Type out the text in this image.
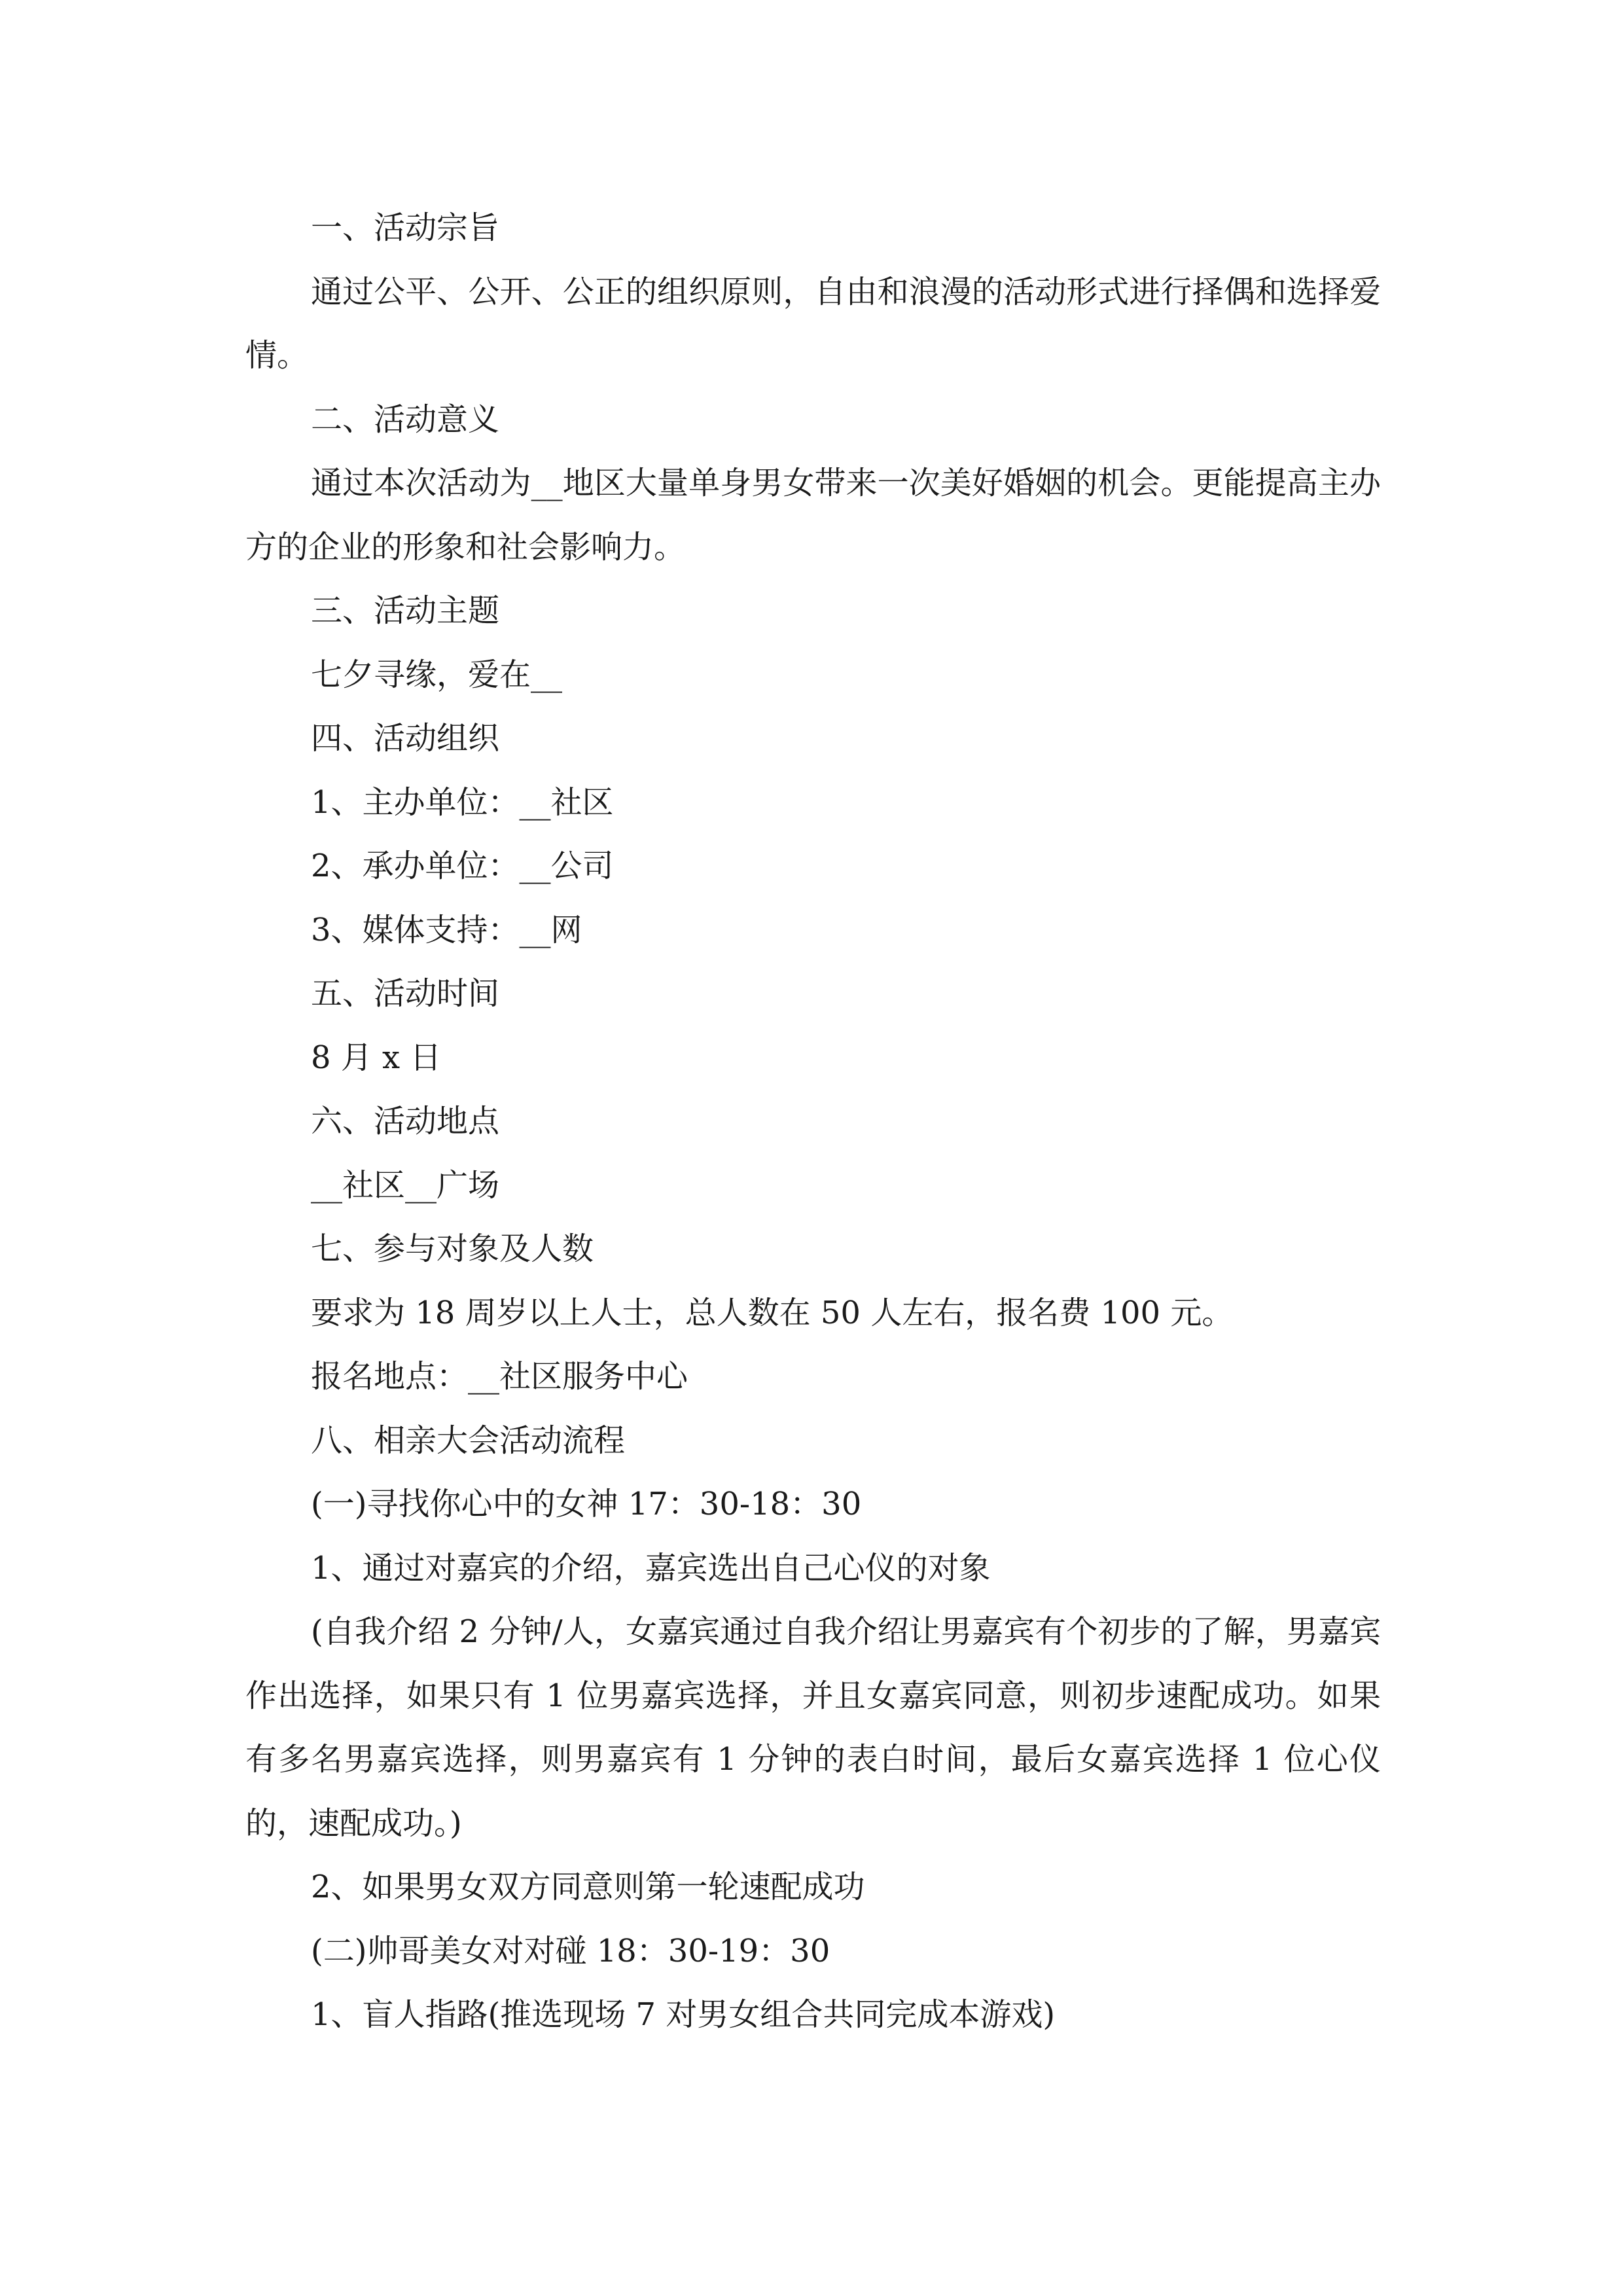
一、活动宗旨

通过公平、公开、公正的组织原则，自由和浪漫的活动形式进行择偶和选择爱情。

二、活动意义

通过本次活动为__地区大量单身男女带来一次美好婚姻的机会。更能提高主办方的企业的形象和社会影响力。

三、活动主题

七夕寻缘，爱在__

四、活动组织

1、主办单位：__社区

2、承办单位：__公司

3、媒体支持：__网

五、活动时间

8 月 x 日

六、活动地点

__社区__广场

七、参与对象及人数

要求为 18 周岁以上人士，总人数在 50 人左右，报名费 100 元。

报名地点：__社区服务中心

八、相亲大会活动流程

(一)寻找你心中的女神 17：30-18：30

1、通过对嘉宾的介绍，嘉宾选出自己心仪的对象

(自我介绍 2 分钟/人，女嘉宾通过自我介绍让男嘉宾有个初步的了解，男嘉宾作出选择，如果只有 1 位男嘉宾选择，并且女嘉宾同意，则初步速配成功。如果有多名男嘉宾选择，则男嘉宾有 1 分钟的表白时间，最后女嘉宾选择 1 位心仪的，速配成功。)

2、如果男女双方同意则第一轮速配成功

(二)帅哥美女对对碰 18：30-19：30

1、盲人指路(推选现场 7 对男女组合共同完成本游戏)
